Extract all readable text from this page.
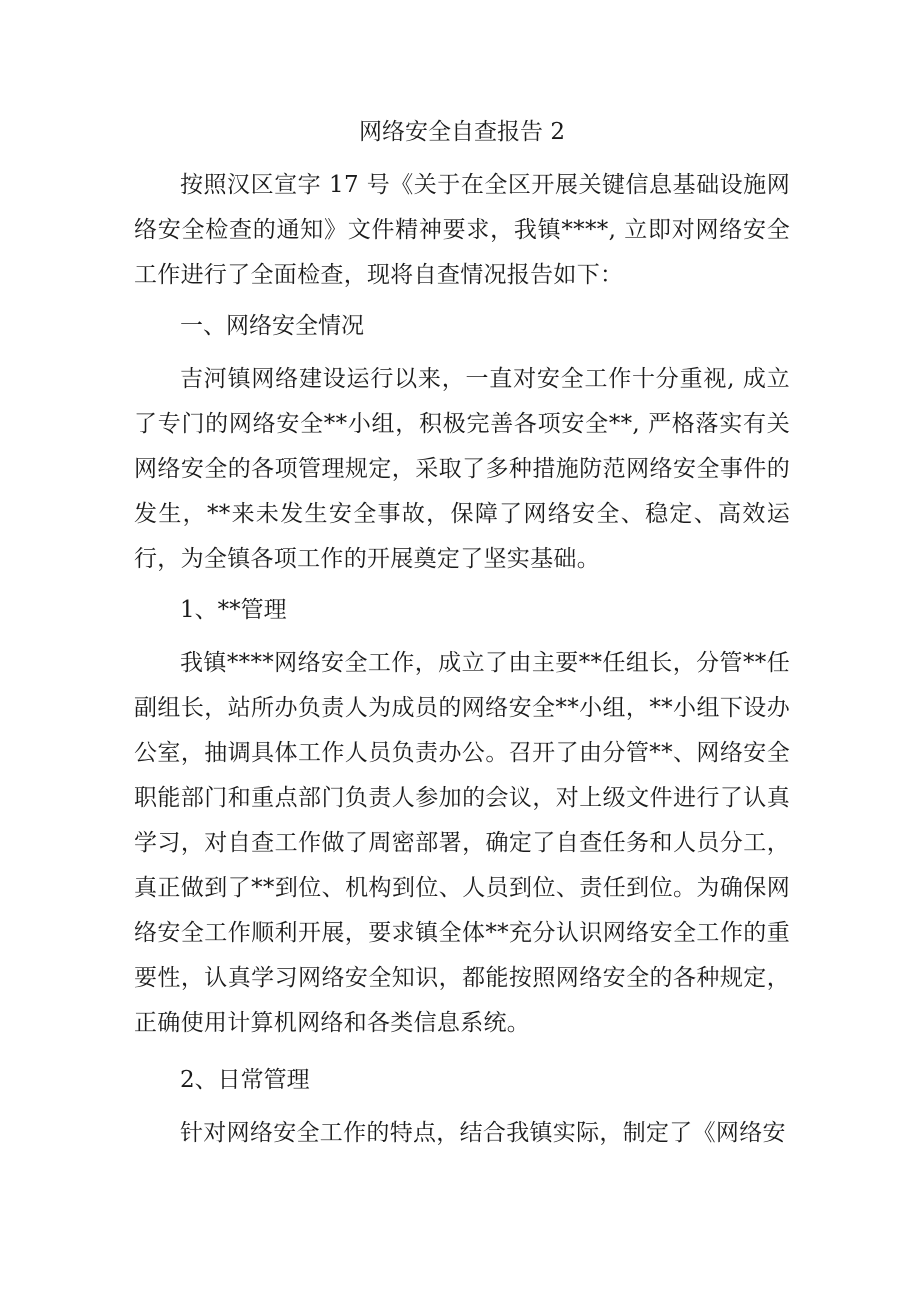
网络安全自查报告 2

按照汉区宣字 17 号《关于在全区开展关键信息基础设施网络安全检查的通知》文件精神要求，我镇****, 立即对网络安全工作进行了全面检查，现将自查情况报告如下：

一、网络安全情况

吉河镇网络建设运行以来，一直对安全工作十分重视, 成立了专门的网络安全**小组，积极完善各项安全**, 严格落实有关网络安全的各项管理规定，采取了多种措施防范网络安全事件的发生，**来未发生安全事故，保障了网络安全、稳定、高效运行，为全镇各项工作的开展奠定了坚实基础。

1、**管理

我镇****网络安全工作，成立了由主要**任组长，分管**任副组长，站所办负责人为成员的网络安全**小组，**小组下设办公室，抽调具体工作人员负责办公。召开了由分管**、网络安全职能部门和重点部门负责人参加的会议，对上级文件进行了认真学习，对自查工作做了周密部署，确定了自查任务和人员分工，真正做到了**到位、机构到位、人员到位、责任到位。为确保网络安全工作顺利开展，要求镇全体**充分认识网络安全工作的重要性，认真学习网络安全知识，都能按照网络安全的各种规定，正确使用计算机网络和各类信息系统。

2、日常管理

针对网络安全工作的特点，结合我镇实际，制定了《网络安
